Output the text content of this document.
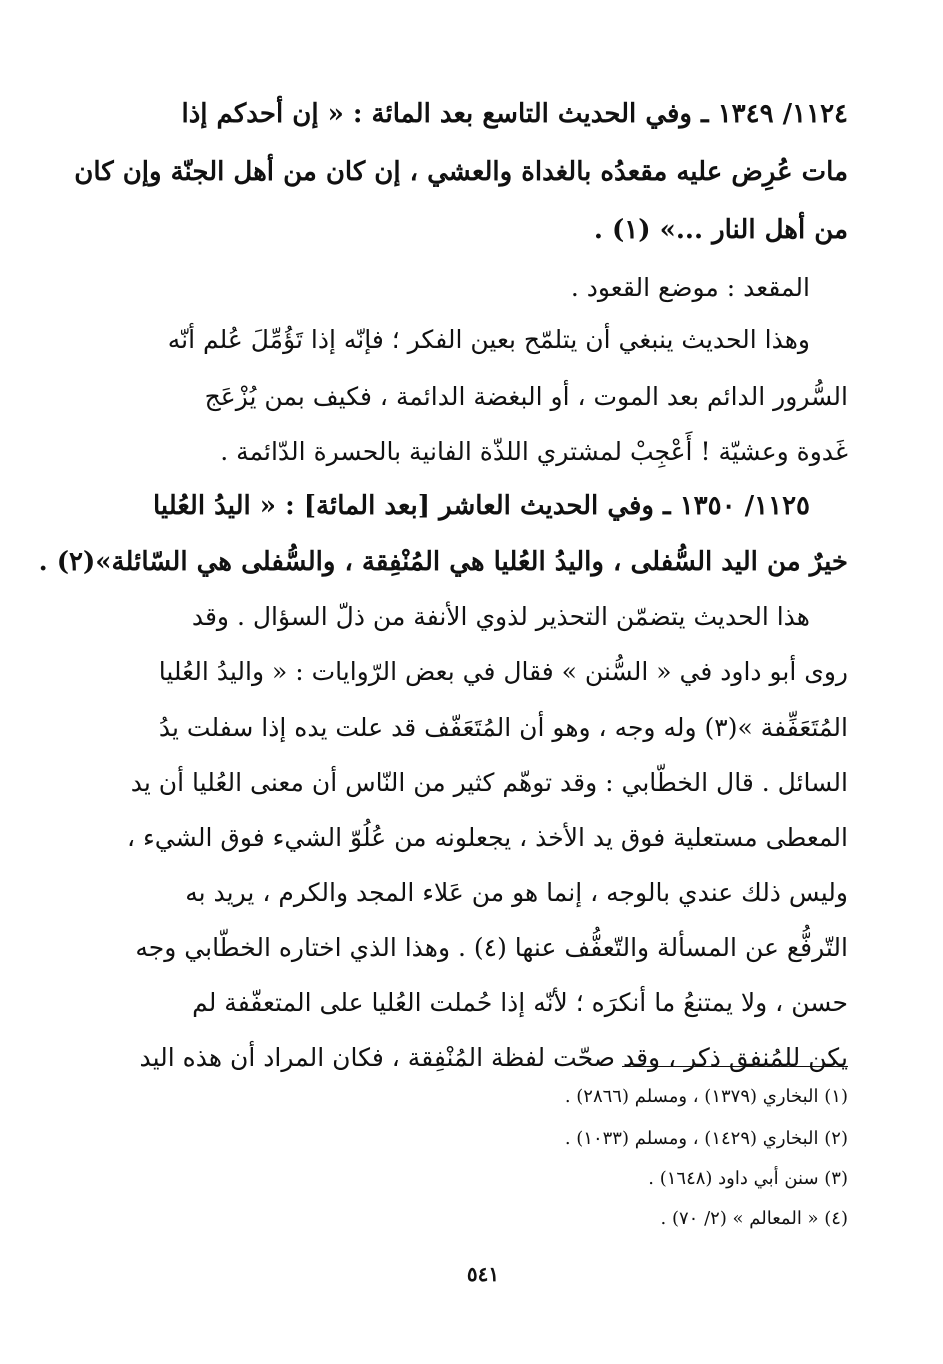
١١٢٤/ ١٣٤٩ ـ وفي الحديث التاسع بعد المائة : « إن أحدكم إذا
مات عُرِض عليه مقعدُه بالغداة والعشي ، إن كان من أهل الجنّة وإن كان
من أهل النار ...» (١) .
المقعد : موضع القعود .
وهذا الحديث ينبغي أن يتلمّح بعين الفكر ؛ فإنّه إذا تَؤُمِّلَ عُلم أنّه
السُّرور الدائم بعد الموت ، أو البغضة الدائمة ، فكيف بمن يُزْعَج
غَدوة وعشيّة ! أَعْجِبْ لمشتري اللذّة الفانية بالحسرة الدّائمة .
١١٢٥/ ١٣٥٠ ـ وفي الحديث العاشر [بعد المائة] : « اليدُ العُليا
خيرٌ من اليد السُّفلى ، واليدُ العُليا هي المُنْفِقة ، والسُّفلى هي السّائلة»(٢) .
هذا الحديث يتضمّن التحذير لذوي الأنفة من ذلّ السؤال . وقد
روى أبو داود في « السُّنن » فقال في بعض الرّوايات : « واليدُ العُليا
المُتَعَفِّفة »(٣) وله وجه ، وهو أن المُتَعَفّف قد علت يده إذا سفلت يدُ
السائل . قال الخطّابي : وقد توهّم كثير من النّاس أن معنى العُليا أن يد
المعطى مستعلية فوق يد الأخذ ، يجعلونه من عُلُوّ الشيء فوق الشيء ،
وليس ذلك عندي بالوجه ، إنما هو من عَلاء المجد والكرم ، يريد به
التّرفُّع عن المسألة والتّعفُّف عنها (٤) . وهذا الذي اختاره الخطّابي وجه
حسن ، ولا يمتنعُ ما أنكرَه ؛ لأنّه إذا حُملت العُليا على المتعفّفة لم
يكن للمُنفق ذكر ، وقد صحّت لفظة المُنْفِقة ، فكان المراد أن هذه اليد
(١) البخاري (١٣٧٩) ، ومسلم (٢٨٦٦) .
(٢) البخاري (١٤٢٩) ، ومسلم (١٠٣٣) .
(٣) سنن أبي داود (١٦٤٨) .
(٤) « المعالم » (٢/ ٧٠) .
٥٤١
